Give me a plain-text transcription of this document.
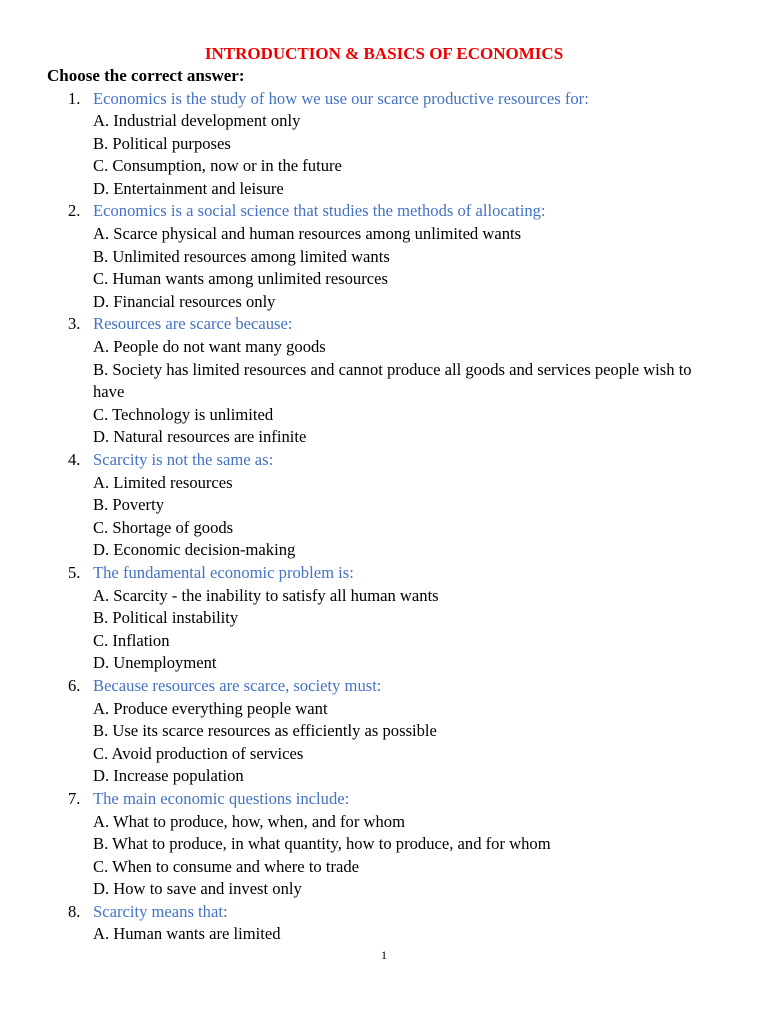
INTRODUCTION & BASICS OF ECONOMICS

Choose the correct answer:

1. Economics is the study of how we use our scarce productive resources for:
A. Industrial development only
B. Political purposes
C. Consumption, now or in the future
D. Entertainment and leisure
2. Economics is a social science that studies the methods of allocating:
A. Scarce physical and human resources among unlimited wants
B. Unlimited resources among limited wants
C. Human wants among unlimited resources
D. Financial resources only
3. Resources are scarce because:
A. People do not want many goods
B. Society has limited resources and cannot produce all goods and services people wish to have
C. Technology is unlimited
D. Natural resources are infinite
4. Scarcity is not the same as:
A. Limited resources
B. Poverty
C. Shortage of goods
D. Economic decision-making
5. The fundamental economic problem is:
A. Scarcity - the inability to satisfy all human wants
B. Political instability
C. Inflation
D. Unemployment
6. Because resources are scarce, society must:
A. Produce everything people want
B. Use its scarce resources as efficiently as possible
C. Avoid production of services
D. Increase population
7. The main economic questions include:
A. What to produce, how, when, and for whom
B. What to produce, in what quantity, how to produce, and for whom
C. When to consume and where to trade
D. How to save and invest only
8. Scarcity means that:
A. Human wants are limited
1
